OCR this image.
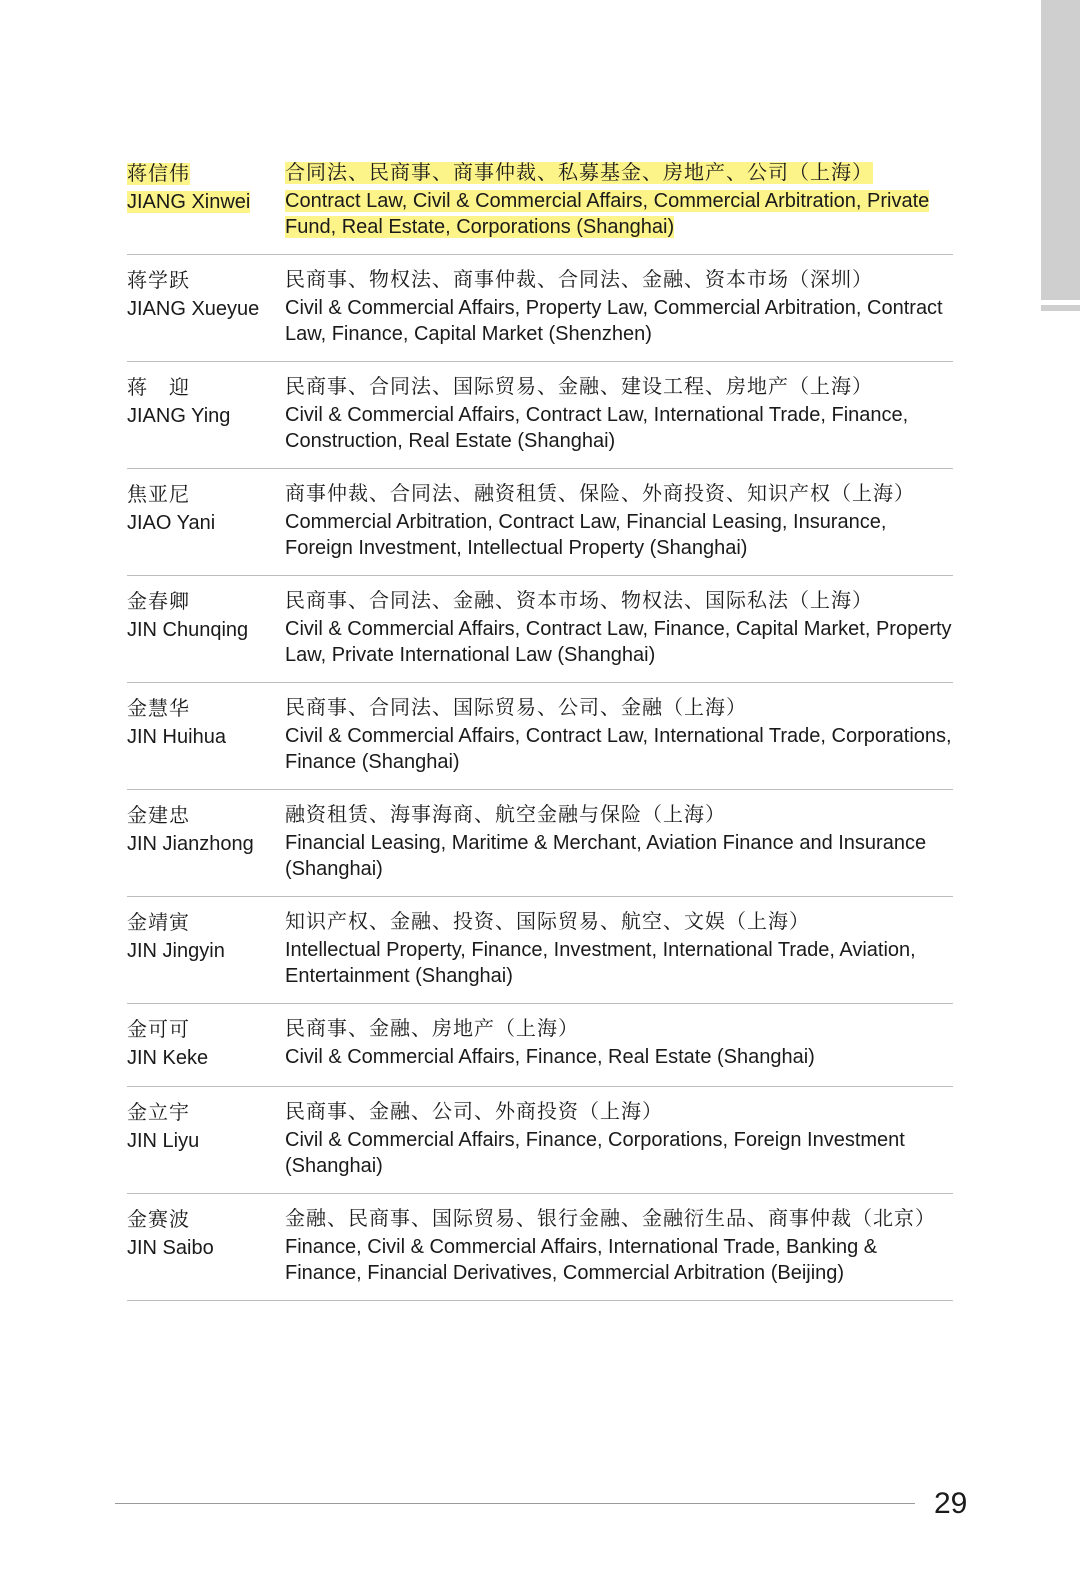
蒋信伟
JIANG Xinwei
合同法、民商事、商事仲裁、私募基金、房地产、公司（上海）
Contract Law, Civil & Commercial Affairs, Commercial Arbitration, Private Fund, Real Estate, Corporations (Shanghai)
蒋学跃
JIANG Xueyue
民商事、物权法、商事仲裁、合同法、金融、资本市场（深圳）
Civil & Commercial Affairs, Property Law, Commercial Arbitration, Contract Law, Finance, Capital Market (Shenzhen)
蒋　迎
JIANG Ying
民商事、合同法、国际贸易、金融、建设工程、房地产（上海）
Civil & Commercial Affairs, Contract Law, International Trade, Finance, Construction, Real Estate (Shanghai)
焦亚尼
JIAO Yani
商事仲裁、合同法、融资租赁、保险、外商投资、知识产权（上海）
Commercial Arbitration, Contract Law, Financial Leasing, Insurance, Foreign Investment, Intellectual Property (Shanghai)
金春卿
JIN Chunqing
民商事、合同法、金融、资本市场、物权法、国际私法（上海）
Civil & Commercial Affairs, Contract Law, Finance, Capital Market, Property Law, Private International Law (Shanghai)
金慧华
JIN Huihua
民商事、合同法、国际贸易、公司、金融（上海）
Civil & Commercial Affairs, Contract Law, International Trade, Corporations, Finance (Shanghai)
金建忠
JIN Jianzhong
融资租赁、海事海商、航空金融与保险（上海）
Financial Leasing, Maritime & Merchant, Aviation Finance and Insurance (Shanghai)
金靖寅
JIN Jingyin
知识产权、金融、投资、国际贸易、航空、文娱（上海）
Intellectual Property, Finance, Investment, International Trade, Aviation, Entertainment (Shanghai)
金可可
JIN Keke
民商事、金融、房地产（上海）
Civil & Commercial Affairs, Finance, Real Estate (Shanghai)
金立宇
JIN Liyu
民商事、金融、公司、外商投资（上海）
Civil & Commercial Affairs, Finance, Corporations, Foreign Investment (Shanghai)
金赛波
JIN Saibo
金融、民商事、国际贸易、银行金融、金融衍生品、商事仲裁（北京）
Finance, Civil & Commercial Affairs, International Trade, Banking & Finance, Financial Derivatives, Commercial Arbitration (Beijing)
29
